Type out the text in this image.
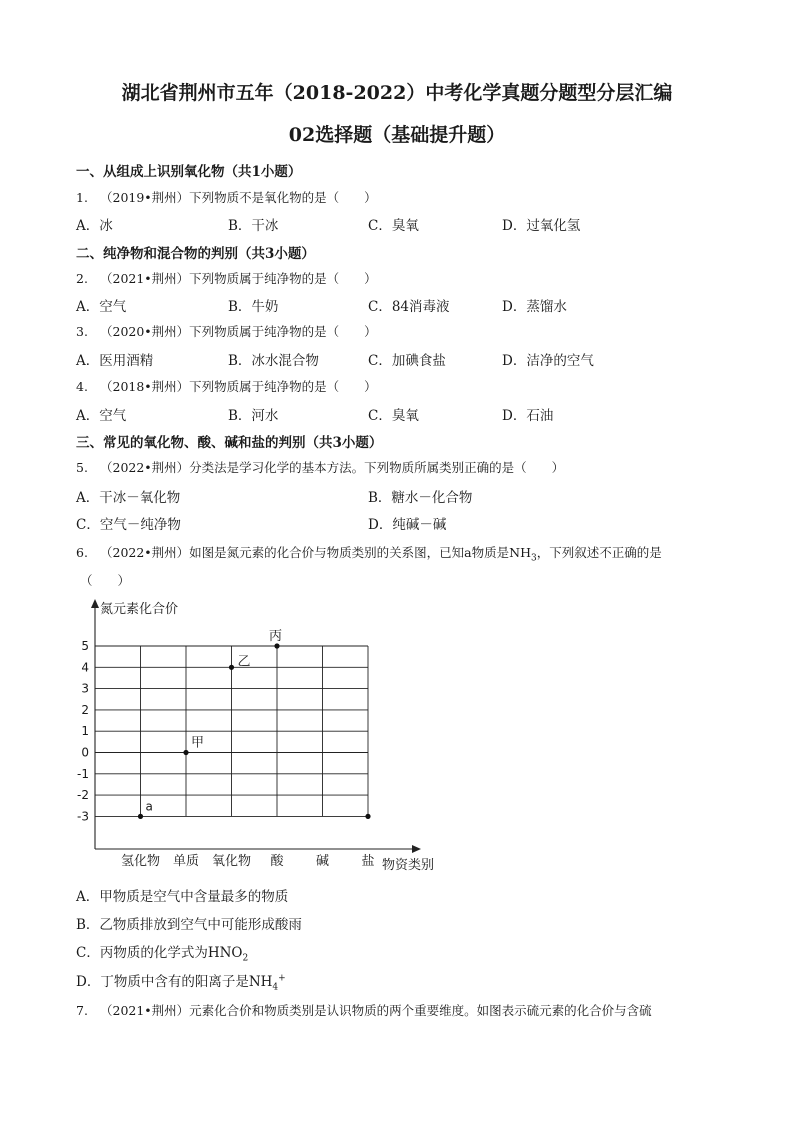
湖北省荆州市五年（2018-2022）中考化学真题分题型分层汇编
02选择题（基础提升题）
一、从组成上识别氧化物（共1小题）
1. （2019•荆州）下列物质不是氧化物的是（　　）
A．冰	B．干冰	C．臭氧	D．过氧化氢
二、纯净物和混合物的判别（共3小题）
2. （2021•荆州）下列物质属于纯净物的是（　　）
A．空气	B．牛奶	C．84消毒液	D．蒸馏水
3. （2020•荆州）下列物质属于纯净物的是（　　）
A．医用酒精	B．冰水混合物	C．加碘食盐	D．洁净的空气
4. （2018•荆州）下列物质属于纯净物的是（　　）
A．空气	B．河水	C．臭氧	D．石油
三、常见的氧化物、酸、碱和盐的判别（共3小题）
5. （2022•荆州）分类法是学习化学的基本方法。下列物质所属类别正确的是（　　）
A．干冰－氧化物	B．糖水－化合物
C．空气－纯净物	D．纯碱－碱
6. （2022•荆州）如图是氮元素的化合价与物质类别的关系图，已知a物质是$NH_3$，下列叙述不正确的是
（　　）
氮元素化合价
物资类别
5
4
3
2
1
0
-1
-2
-3
氢化物 单质 氧化物 酸 碱 盐
a
甲
乙
丙
A．甲物质是空气中含量最多的物质
B．乙物质排放到空气中可能形成酸雨
C．丙物质的化学式为$HNO_2$
D．丁物质中含有的阳离子是$NH_4^+$
7. （2021•荆州）元素化合价和物质类别是认识物质的两个重要维度。如图表示硫元素的化合价与含硫
